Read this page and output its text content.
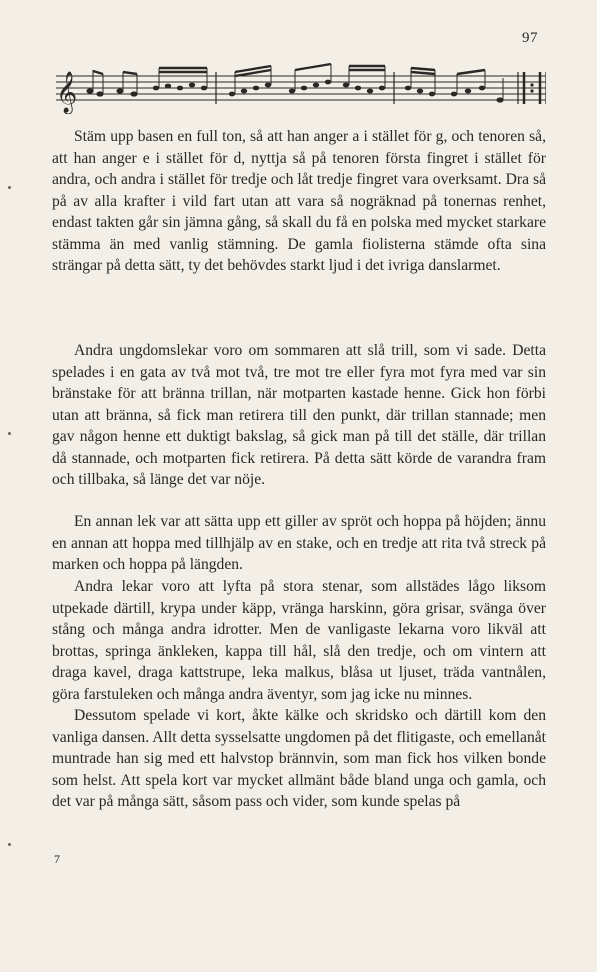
97
𝄞

Stäm upp basen en full ton, så att han anger a i stället för g, och tenoren så, att han anger e i stället för d, nyttja så på tenoren första fingret i stället för andra, och andra i stället för tredje och låt tredje fingret vara overksamt. Dra så på av alla krafter i vild fart utan att vara så nogräknad på tonernas renhet, endast takten går sin jämna gång, så skall du få en polska med mycket starkare stämma än med vanlig stämning. De gamla fiolisterna stämde ofta sina strängar på detta sätt, ty det behövdes starkt ljud i det ivriga danslarmet.

Andra ungdomslekar voro om sommaren att slå trill, som vi sade. Detta spelades i en gata av två mot två, tre mot tre eller fyra mot fyra med var sin bränstake för att bränna trillan, när motparten kastade henne. Gick hon förbi utan att bränna, så fick man retirera till den punkt, där trillan stannade; men gav någon henne ett duktigt bakslag, så gick man på till det ställe, där trillan då stannade, och motparten fick retirera. På detta sätt körde de varandra fram och tillbaka, så länge det var nöje.

En annan lek var att sätta upp ett giller av spröt och hoppa på höjden; ännu en annan att hoppa med tillhjälp av en stake, och en tredje att rita två streck på marken och hoppa på längden.

Andra lekar voro att lyfta på stora stenar, som allstädes lågo liksom utpekade därtill, krypa under käpp, vränga harskinn, göra grisar, svänga över stång och många andra idrotter. Men de vanligaste lekarna voro likväl att brottas, springa änkleken, kappa till hål, slå den tredje, och om vintern att draga kavel, draga kattstrupe, leka malkus, blåsa ut ljuset, träda vantnålen, göra farstuleken och många andra äventyr, som jag icke nu minnes.

Dessutom spelade vi kort, åkte kälke och skridsko och därtill kom den vanliga dansen. Allt detta sysselsatte ungdomen på det flitigaste, och emellanåt muntrade han sig med ett halvstop brännvin, som man fick hos vilken bonde som helst. Att spela kort var mycket allmänt både bland unga och gamla, och det var på många sätt, såsom pass och vider, som kunde spelas på

7
